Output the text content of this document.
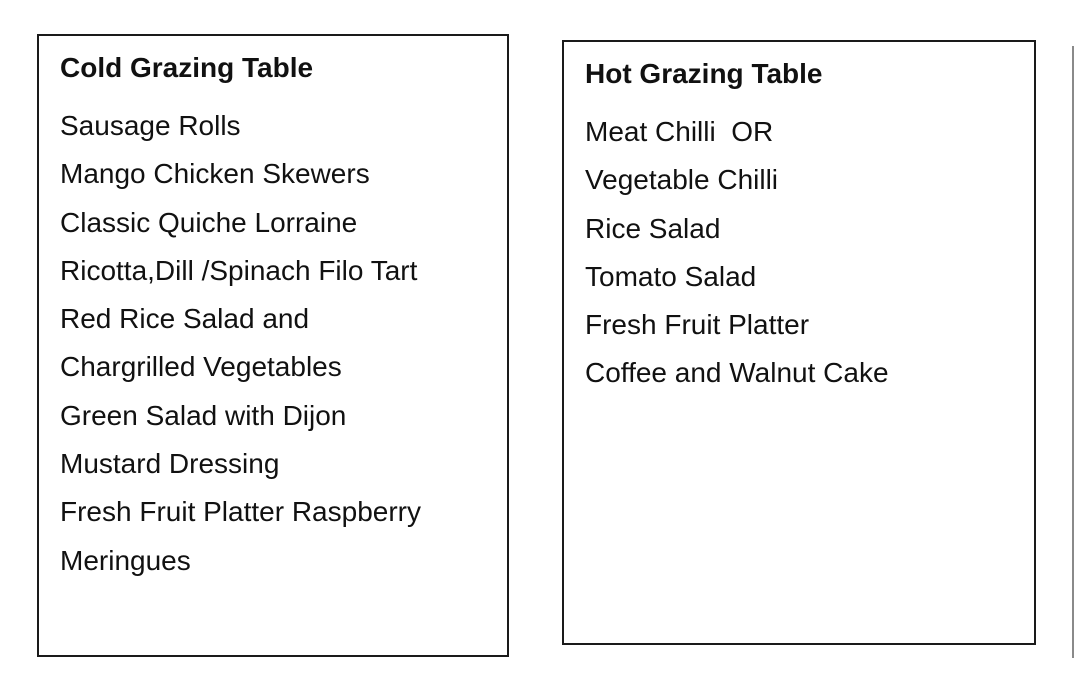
Cold Grazing Table
Sausage Rolls
Mango Chicken Skewers
Classic Quiche Lorraine
Ricotta,Dill /Spinach Filo Tart
Red Rice Salad and
Chargrilled Vegetables
Green Salad with Dijon
Mustard Dressing
Fresh Fruit Platter Raspberry
Meringues
Hot Grazing Table
Meat Chilli  OR
Vegetable Chilli
Rice Salad
Tomato Salad
Fresh Fruit Platter
Coffee and Walnut Cake
